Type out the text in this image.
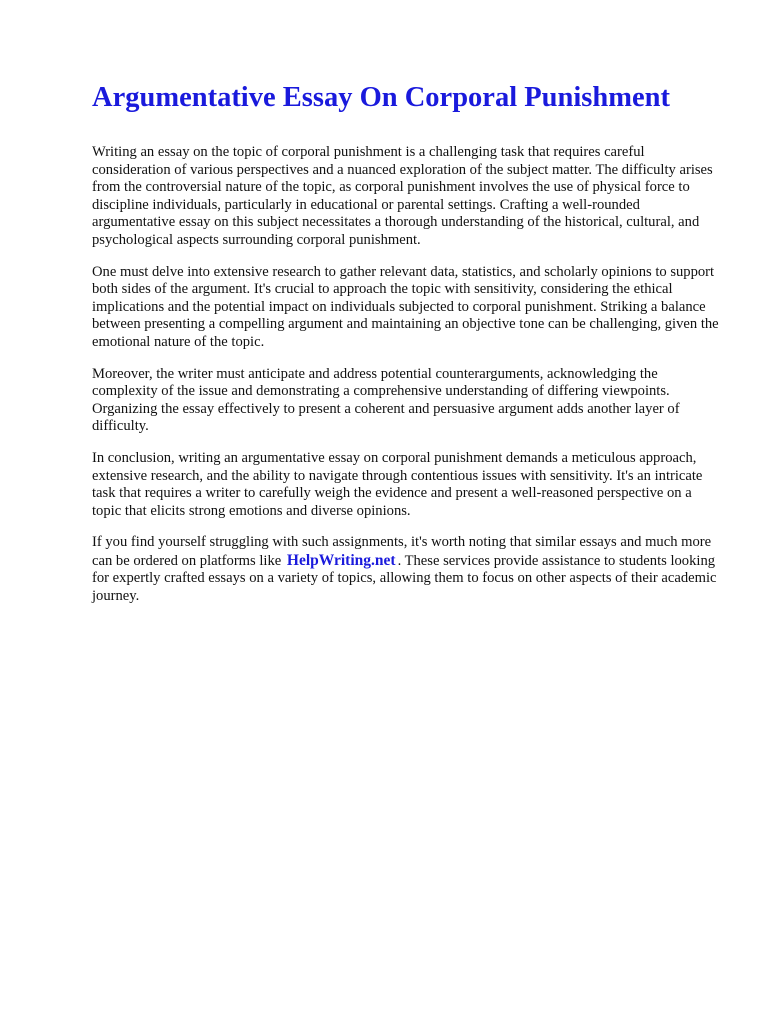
Argumentative Essay On Corporal Punishment

Writing an essay on the topic of corporal punishment is a challenging task that requires careful consideration of various perspectives and a nuanced exploration of the subject matter. The difficulty arises from the controversial nature of the topic, as corporal punishment involves the use of physical force to discipline individuals, particularly in educational or parental settings. Crafting a well-rounded argumentative essay on this subject necessitates a thorough understanding of the historical, cultural, and psychological aspects surrounding corporal punishment.

One must delve into extensive research to gather relevant data, statistics, and scholarly opinions to support both sides of the argument. It's crucial to approach the topic with sensitivity, considering the ethical implications and the potential impact on individuals subjected to corporal punishment. Striking a balance between presenting a compelling argument and maintaining an objective tone can be challenging, given the emotional nature of the topic.

Moreover, the writer must anticipate and address potential counterarguments, acknowledging the complexity of the issue and demonstrating a comprehensive understanding of differing viewpoints. Organizing the essay effectively to present a coherent and persuasive argument adds another layer of difficulty.

In conclusion, writing an argumentative essay on corporal punishment demands a meticulous approach, extensive research, and the ability to navigate through contentious issues with sensitivity. It's an intricate task that requires a writer to carefully weigh the evidence and present a well-reasoned perspective on a topic that elicits strong emotions and diverse opinions.

If you find yourself struggling with such assignments, it's worth noting that similar essays and much more can be ordered on platforms like HelpWriting.net . These services provide assistance to students looking for expertly crafted essays on a variety of topics, allowing them to focus on other aspects of their academic journey.
